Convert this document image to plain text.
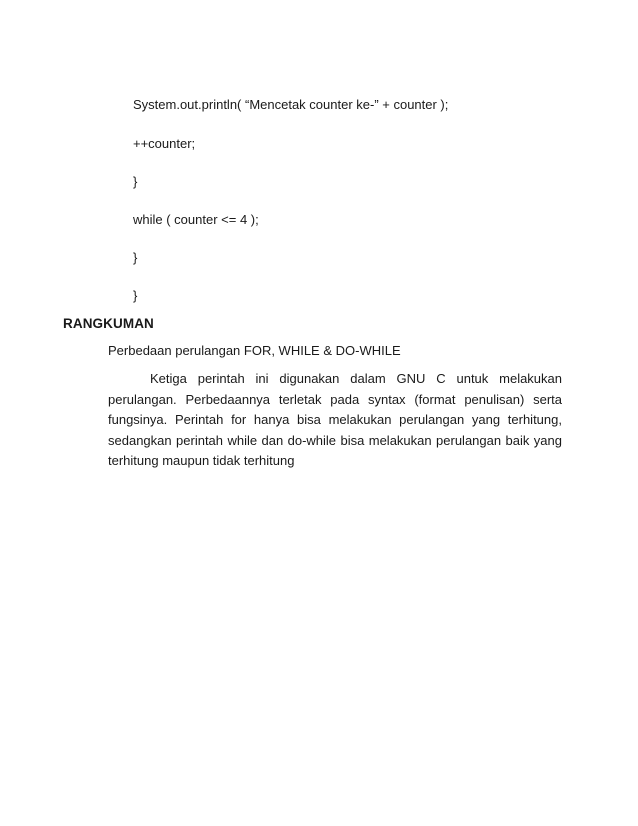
System.out.println( “Mencetak counter ke-” + counter );
++counter;
}
while ( counter <= 4 );
}
}
RANGKUMAN
Perbedaan perulangan FOR, WHILE & DO-WHILE

Ketiga perintah ini digunakan dalam GNU C untuk melakukan perulangan. Perbedaannya terletak pada syntax (format penulisan) serta fungsinya. Perintah for hanya bisa melakukan perulangan yang terhitung, sedangkan perintah while dan do-while bisa melakukan perulangan baik yang terhitung maupun tidak terhitung
